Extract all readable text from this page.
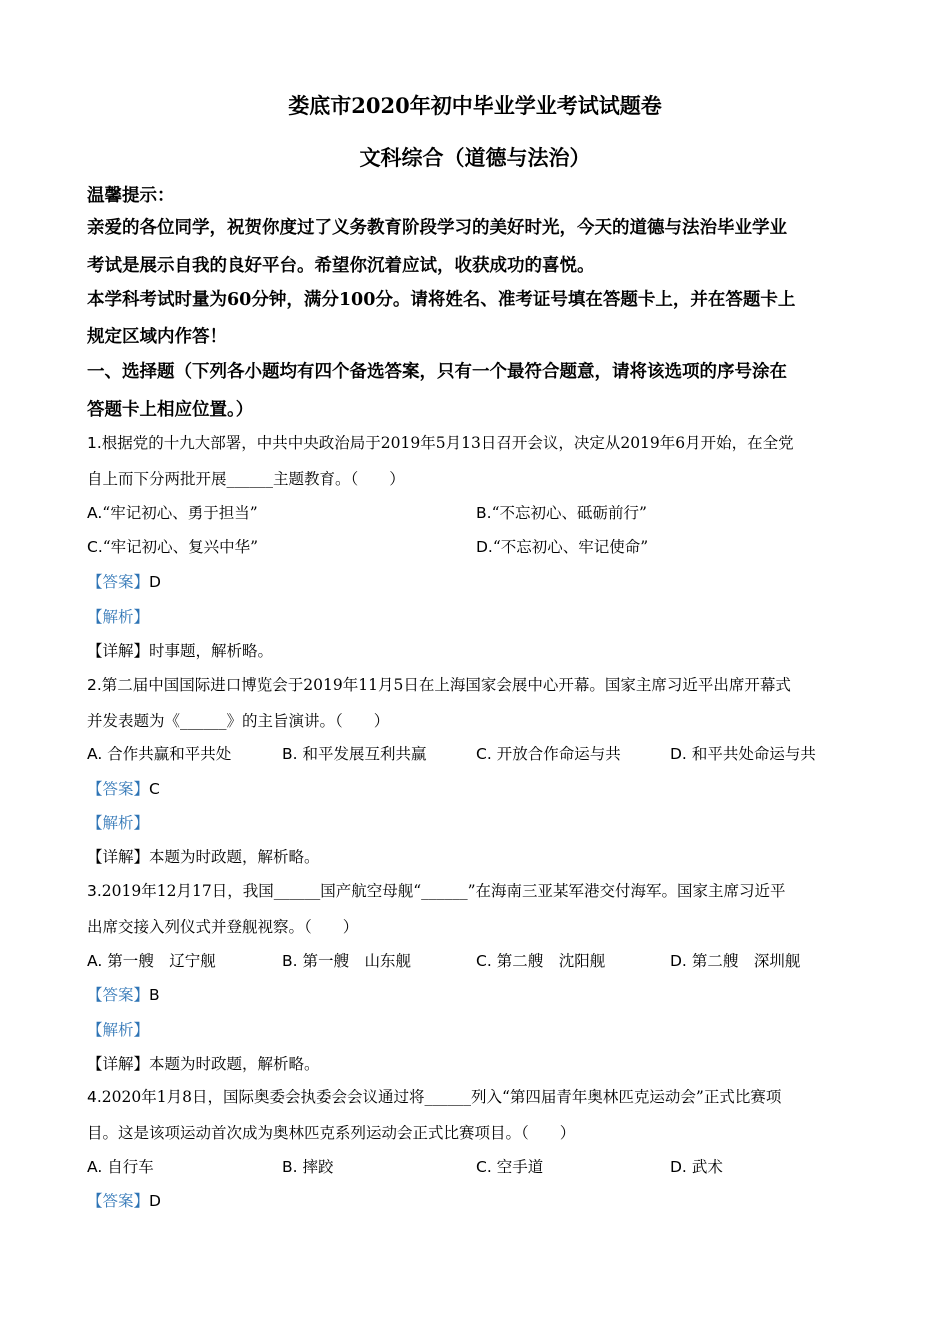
娄底市2020年初中毕业学业考试试题卷
文科综合（道德与法治）
温馨提示：
亲爱的各位同学，祝贺你度过了义务教育阶段学习的美好时光，今天的道德与法治毕业学业
考试是展示自我的良好平台。希望你沉着应试，收获成功的喜悦。
本学科考试时量为60分钟，满分100分。请将姓名、准考证号填在答题卡上，并在答题卡上
规定区域内作答！
一、选择题（下列各小题均有四个备选答案，只有一个最符合题意，请将该选项的序号涂在
答题卡上相应位置。）
1.根据党的十九大部署，中共中央政治局于2019年5月13日召开会议，决定从2019年6月开始，在全党
自上而下分两批开展______主题教育。（　　）
A.“牢记初心、勇于担当”	B.“不忘初心、砥砺前行”
C.“牢记初心、复兴中华”	D.“不忘初心、牢记使命”
【答案】D
【解析】
【详解】时事题，解析略。
2.第二届中国国际进口博览会于2019年11月5日在上海国家会展中心开幕。国家主席习近平出席开幕式
并发表题为《______》的主旨演讲。（　　）
A. 合作共赢和平共处	B. 和平发展互利共赢	C. 开放合作命运与共	D. 和平共处命运与共
【答案】C
【解析】
【详解】本题为时政题，解析略。
3.2019年12月17日，我国______国产航空母舰“______”在海南三亚某军港交付海军。国家主席习近平
出席交接入列仪式并登舰视察。（　　）
A. 第一艘　辽宁舰	B. 第一艘　山东舰	C. 第二艘　沈阳舰	D. 第二艘　深圳舰
【答案】B
【解析】
【详解】本题为时政题，解析略。
4.2020年1月8日，国际奥委会执委会会议通过将______列入“第四届青年奥林匹克运动会”正式比赛项
目。这是该项运动首次成为奥林匹克系列运动会正式比赛项目。（　　）
A. 自行车	B. 摔跤	C. 空手道	D. 武术
【答案】D
